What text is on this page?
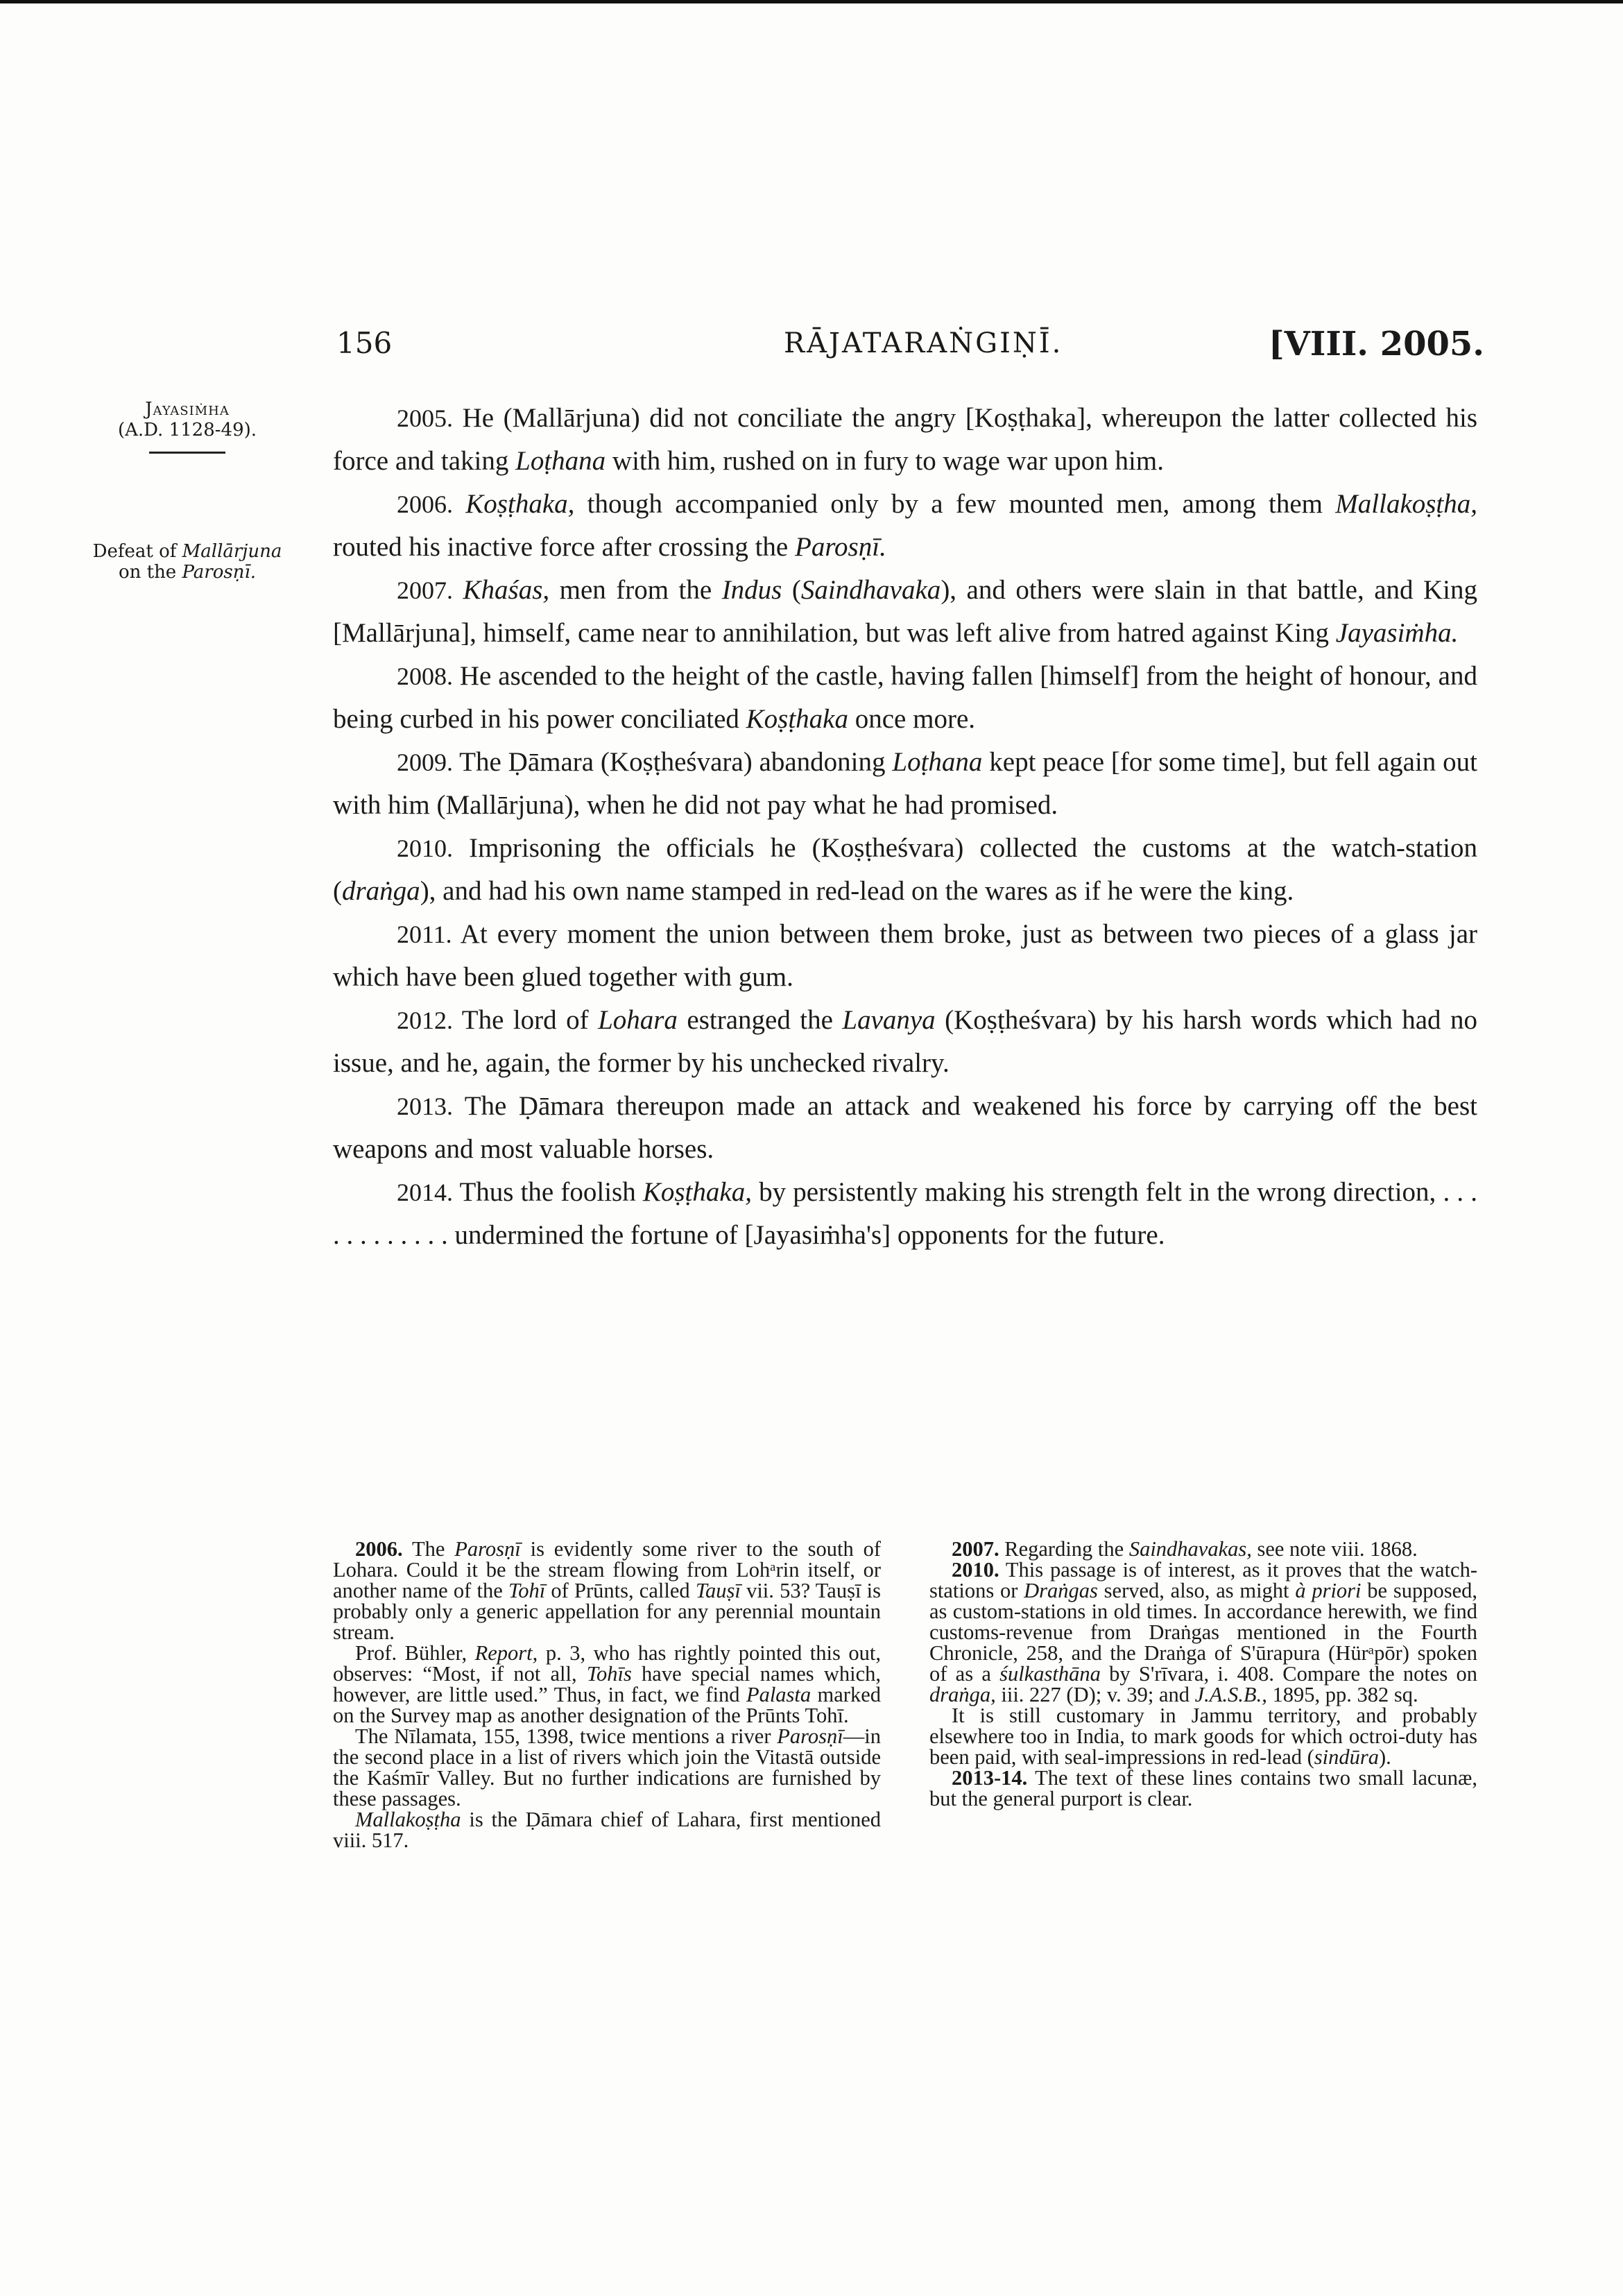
156	RĀJATARAṄGIṆĪ.	[VIII. 2005.
Jayasiṁha
(A.D. 1128-49).
Defeat of Mallārjuna
on the Parosṇī.

2005. He (Mallārjuna) did not conciliate the angry [Koṣṭhaka], whereupon the latter collected his force and taking Loṭhana with him, rushed on in fury to wage war upon him.

2006. Koṣṭhaka, though accompanied only by a few mounted men, among them Mallakoṣṭha, routed his inactive force after crossing the Parosṇī.

2007. Khaśas, men from the Indus (Saindhavaka), and others were slain in that battle, and King [Mallārjuna], himself, came near to annihilation, but was left alive from hatred against King Jayasiṁha.

2008. He ascended to the height of the castle, having fallen [himself] from the height of honour, and being curbed in his power conciliated Koṣṭhaka once more.

2009. The Ḍāmara (Koṣṭheśvara) abandoning Loṭhana kept peace [for some time], but fell again out with him (Mallārjuna), when he did not pay what he had promised.

2010. Imprisoning the officials he (Koṣṭheśvara) collected the customs at the watch-station (draṅga), and had his own name stamped in red-lead on the wares as if he were the king.

2011. At every moment the union between them broke, just as between two pieces of a glass jar which have been glued together with gum.

2012. The lord of Lohara estranged the Lavanya (Koṣṭheśvara) by his harsh words which had no issue, and he, again, the former by his unchecked rivalry.

2013. The Ḍāmara thereupon made an attack and weakened his force by carrying off the best weapons and most valuable horses.

2014. Thus the foolish Koṣṭhaka, by persistently making his strength felt in the wrong direction, . . . . . . . . . . . . undermined the fortune of [Jayasiṁha's] opponents for the future.

2006. The Parosṇī is evidently some river to the south of Lohara. Could it be the stream flowing from Lohᵃrin itself, or another name of the Tohī of Prūnts, called Tauṣī vii. 53? Tauṣī is probably only a generic appellation for any perennial mountain stream.

Prof. Bühler, Report, p. 3, who has rightly pointed this out, observes: “Most, if not all, Tohīs have special names which, however, are little used.” Thus, in fact, we find Palasta marked on the Survey map as another designation of the Prūnts Tohī.

The Nīlamata, 155, 1398, twice mentions a river Parosṇī—in the second place in a list of rivers which join the Vitastā outside the Kaśmīr Valley. But no further indications are furnished by these passages.

Mallakoṣṭha is the Ḍāmara chief of Lahara, first mentioned viii. 517.

2007. Regarding the Saindhavakas, see note viii. 1868.

2010. This passage is of interest, as it proves that the watch-stations or Draṅgas served, also, as might à priori be supposed, as custom-stations in old times. In accordance herewith, we find customs-revenue from Draṅgas mentioned in the Fourth Chronicle, 258, and the Draṅga of S'ūrapura (Hürᵃpōr) spoken of as a śulkasthāna by S'rīvara, i. 408. Compare the notes on draṅga, iii. 227 (D); v. 39; and J.A.S.B., 1895, pp. 382 sq.

It is still customary in Jammu territory, and probably elsewhere too in India, to mark goods for which octroi-duty has been paid, with seal-impressions in red-lead (sindūra).

2013-14. The text of these lines contains two small lacunæ, but the general purport is clear.
